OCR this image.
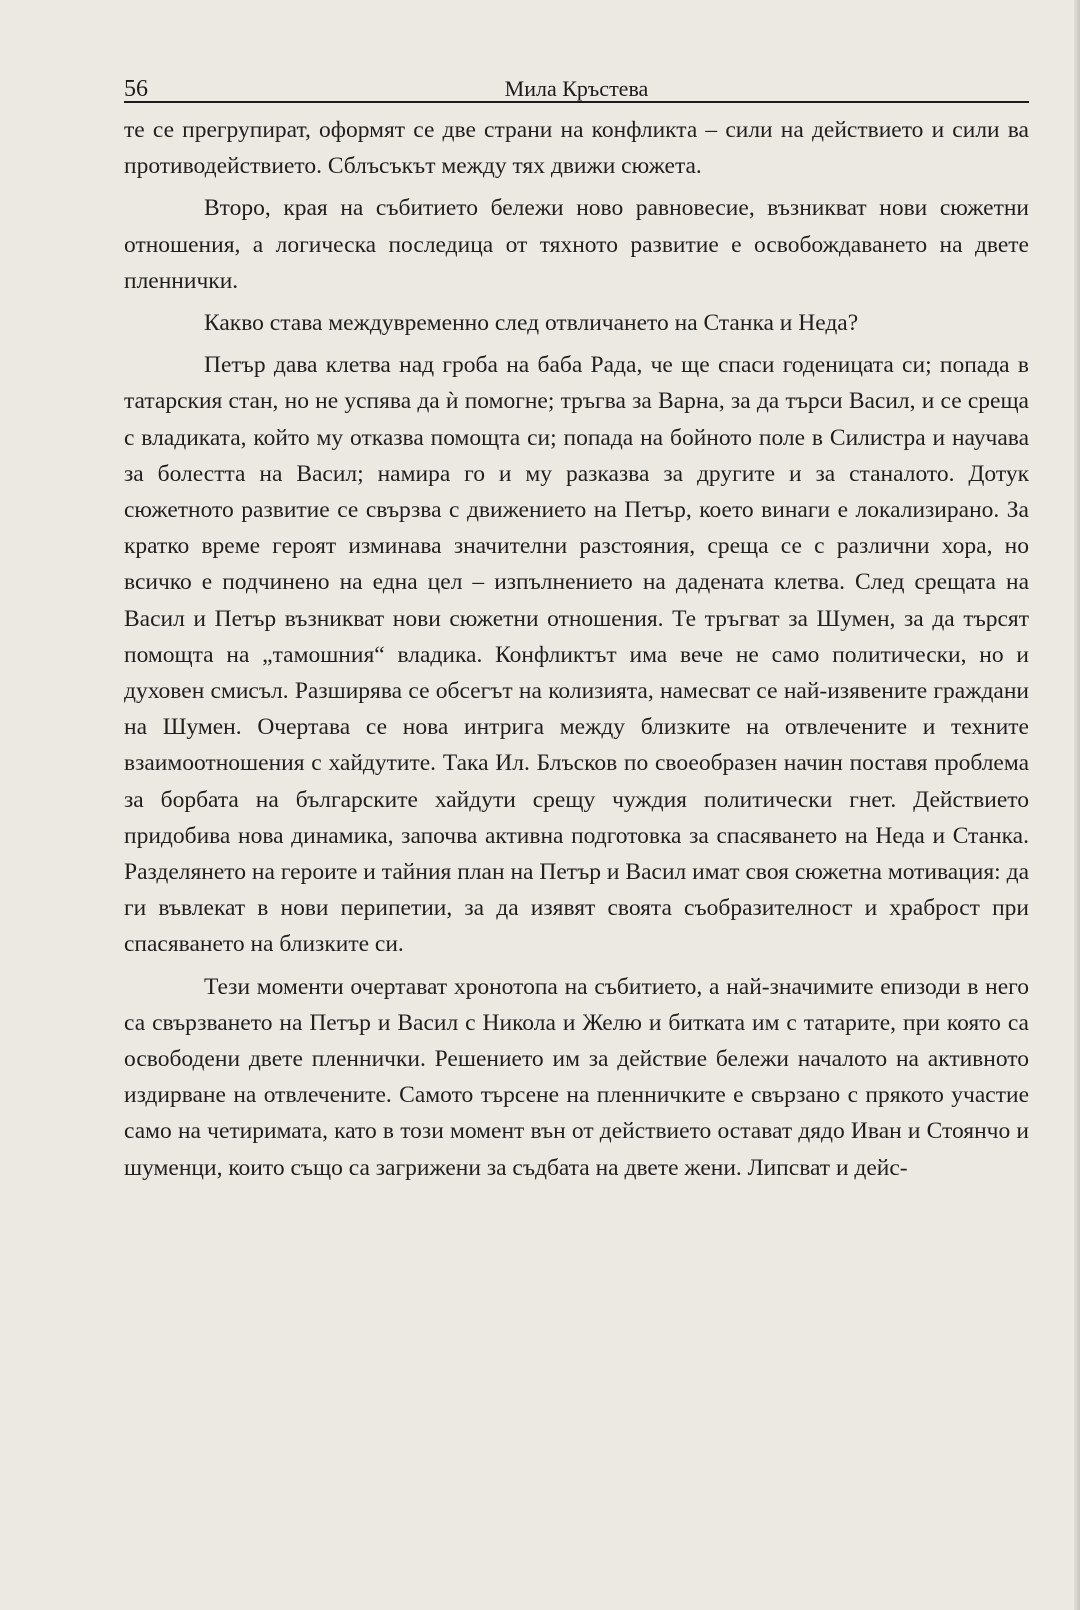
56	Мила Кръстева

те се прегрупират, оформят се две страни на конфликта – сили на действието и сили ва противодействието. Сблъсъкът между тях движи сюжета.

Второ, края на събитието бележи ново равновесие, възникват нови сюжетни отношения, а логическа последица от тяхното развитие е освобождаването на двете пленнички.

Какво става междувременно след отвличането на Станка и Неда?

Петър дава клетва над гроба на баба Рада, че ще спаси годеницата си; попада в татарския стан, но не успява да ѝ помогне; тръгва за Варна, за да търси Васил, и се среща с владиката, който му отказва помощта си; попада на бойното поле в Силистра и научава за болестта на Васил; намира го и му разказва за другите и за станалото. Дотук сюжетното развитие се свързва с движението на Петър, което винаги е локализирано. За кратко време героят изминава значителни разстояния, среща се с различни хора, но всичко е подчинено на една цел – изпълнението на дадената клетва. След срещата на Васил и Петър възникват нови сюжетни отношения. Те тръгват за Шумен, за да търсят помощта на „тамошния“ владика. Конфликтът има вече не само политически, но и духовен смисъл. Разширява се обсегът на колизията, намесват се най-изявените граждани на Шумен. Очертава се нова интрига между близките на отвлечените и техните взаимоотношения с хайдутите. Така Ил. Блъсков по своеобразен начин поставя проблема за борбата на българските хайдути срещу чуждия политически гнет. Действието придобива нова динамика, започва активна подготовка за спасяването на Неда и Станка. Разделянето на героите и тайния план на Петър и Васил имат своя сюжетна мотивация: да ги въвлекат в нови перипетии, за да изявят своята съобразителност и храброст при спасяването на близките си.

Тези моменти очертават хронотопа на събитието, а най-значимите епизоди в него са свързването на Петър и Васил с Никола и Желю и битката им с татарите, при която са освободени двете пленнички. Решението им за действие бележи началото на активното издирване на отвлечените. Самото търсене на пленничките е свързано с прякото участие само на четиримата, като в този момент вън от действието остават дядо Иван и Стоянчо и шуменци, които също са загрижени за съдбата на двете жени. Липсват и дейс-
